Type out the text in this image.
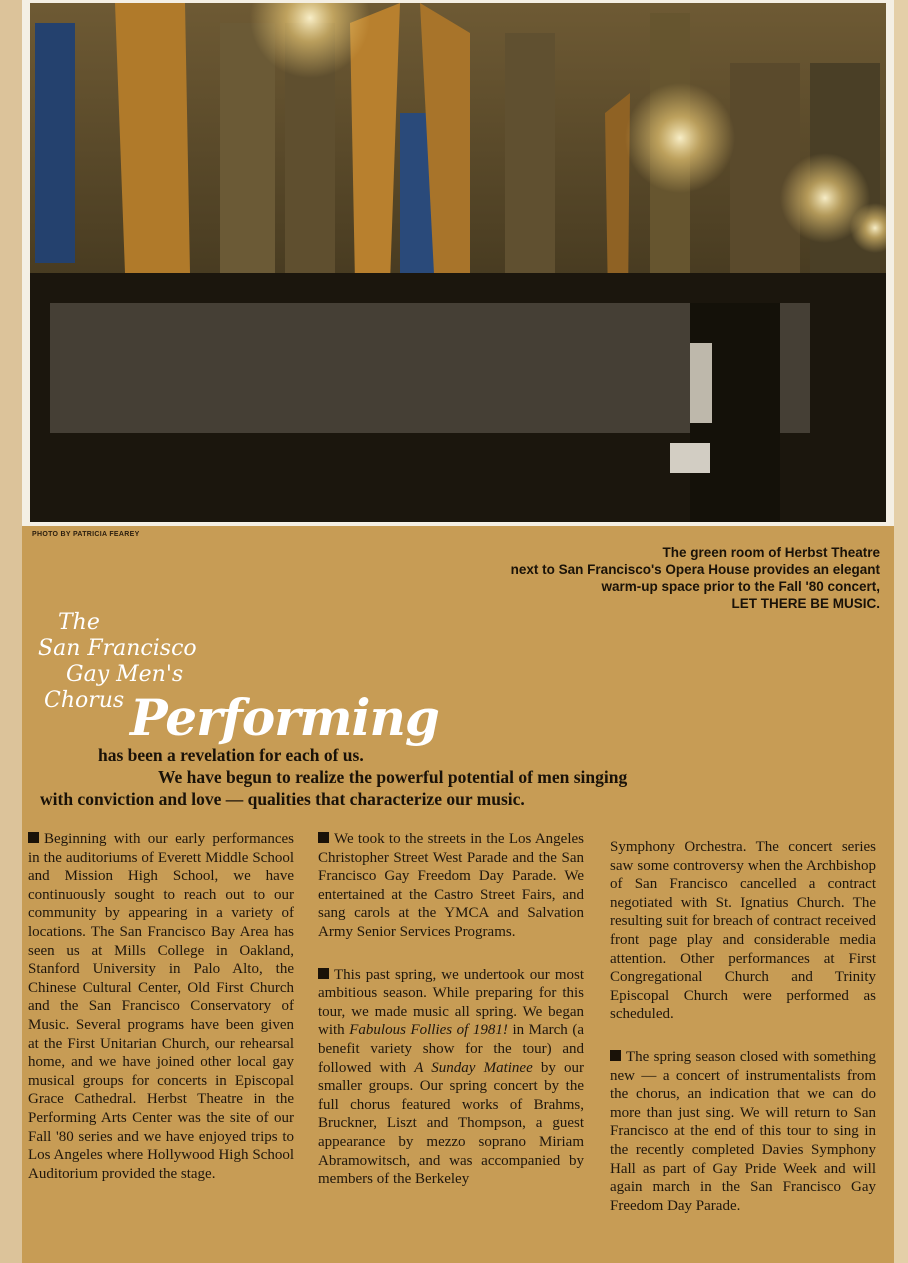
PHOTO BY PATRICIA FEAREY
The green room of Herbst Theatre
next to San Francisco's Opera House provides an elegant
warm-up space prior to the Fall '80 concert,
LET THERE BE MUSIC.
The
San Francisco
Gay Men's
Chorus Performing
has been a revelation for each of us.
We have begun to realize the powerful potential of men singing
with conviction and love — qualities that characterize our music.

Beginning with our early performances in the auditoriums of Everett Middle School and Mission High School, we have continuously sought to reach out to our community by appearing in a variety of locations. The San Francisco Bay Area has seen us at Mills College in Oakland, Stanford University in Palo Alto, the Chinese Cultural Center, Old First Church and the San Francisco Conservatory of Music. Several programs have been given at the First Unitarian Church, our rehearsal home, and we have joined other local gay musical groups for concerts in Episcopal Grace Cathedral. Herbst Theatre in the Performing Arts Center was the site of our Fall '80 series and we have enjoyed trips to Los Angeles where Hollywood High School Auditorium provided the stage.

We took to the streets in the Los Angeles Christopher Street West Parade and the San Francisco Gay Freedom Day Parade. We entertained at the Castro Street Fairs, and sang carols at the YMCA and Salvation Army Senior Services Programs.

This past spring, we undertook our most ambitious season. While preparing for this tour, we made music all spring. We began with Fabulous Follies of 1981! in March (a benefit variety show for the tour) and followed with A Sunday Matinee by our smaller groups. Our spring concert by the full chorus featured works of Brahms, Bruckner, Liszt and Thompson, a guest appearance by mezzo soprano Miriam Abramowitsch, and was accompanied by members of the Berkeley

Symphony Orchestra. The concert series saw some controversy when the Archbishop of San Francisco cancelled a contract negotiated with St. Ignatius Church. The resulting suit for breach of contract received front page play and considerable media attention. Other performances at First Congregational Church and Trinity Episcopal Church were performed as scheduled.

The spring season closed with something new — a concert of instrumentalists from the chorus, an indication that we can do more than just sing. We will return to San Francisco at the end of this tour to sing in the recently completed Davies Symphony Hall as part of Gay Pride Week and will again march in the San Francisco Gay Freedom Day Parade.
